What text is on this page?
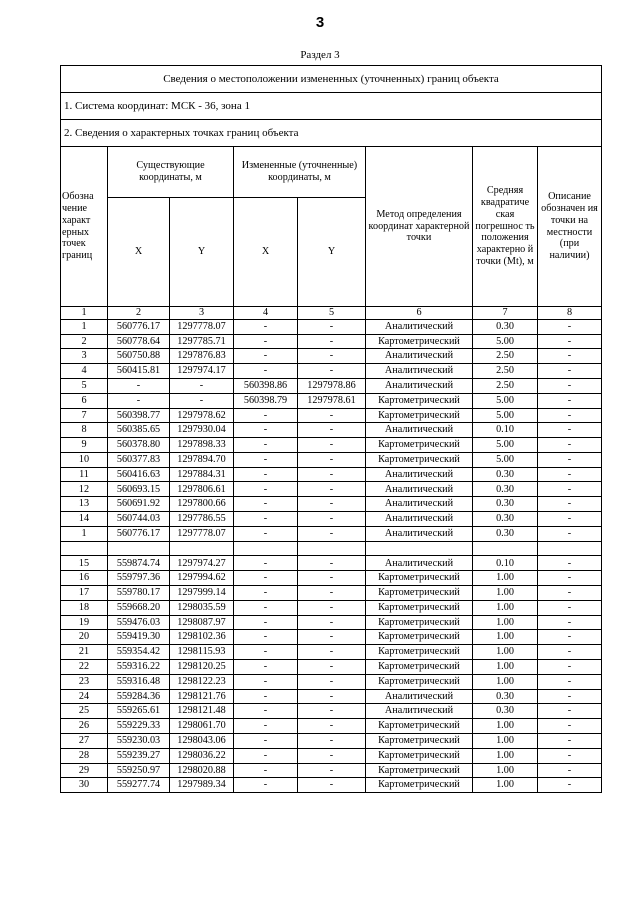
3
Раздел 3
Сведения о местоположении измененных (уточненных) границ объекта							
1. Система координат: МСК - 36, зона 1							
2. Сведения о характерных точках границ объекта							
Обозна чение характ ерных точек границ	Существующие координаты, м		Измененные (уточненные) координаты, м		Метод определения координат характерной точки	Средняя квадратиче ская погрешнос ть положения характерно й точки (Mt), м	Описание обозначен ия точки на местности (при наличии)
	X	Y	X	Y			
1	2	3	4	5	6	7	8
1	560776.17	1297778.07	-	-	Аналитический	0.30	-
2	560778.64	1297785.71	-	-	Картометрический	5.00	-
3	560750.88	1297876.83	-	-	Аналитический	2.50	-
4	560415.81	1297974.17	-	-	Аналитический	2.50	-
5	-	-	560398.86	1297978.86	Аналитический	2.50	-
6	-	-	560398.79	1297978.61	Картометрический	5.00	-
7	560398.77	1297978.62	-	-	Картометрический	5.00	-
8	560385.65	1297930.04	-	-	Аналитический	0.10	-
9	560378.80	1297898.33	-	-	Картометрический	5.00	-
10	560377.83	1297894.70	-	-	Картометрический	5.00	-
11	560416.63	1297884.31	-	-	Аналитический	0.30	-
12	560693.15	1297806.61	-	-	Аналитический	0.30	-
13	560691.92	1297800.66	-	-	Аналитический	0.30	-
14	560744.03	1297786.55	-	-	Аналитический	0.30	-
1	560776.17	1297778.07	-	-	Аналитический	0.30	-

15	559874.74	1297974.27	-	-	Аналитический	0.10	-
16	559797.36	1297994.62	-	-	Картометрический	1.00	-
17	559780.17	1297999.14	-	-	Картометрический	1.00	-
18	559668.20	1298035.59	-	-	Картометрический	1.00	-
19	559476.03	1298087.97	-	-	Картометрический	1.00	-
20	559419.30	1298102.36	-	-	Картометрический	1.00	-
21	559354.42	1298115.93	-	-	Картометрический	1.00	-
22	559316.22	1298120.25	-	-	Картометрический	1.00	-
23	559316.48	1298122.23	-	-	Картометрический	1.00	-
24	559284.36	1298121.76	-	-	Аналитический	0.30	-
25	559265.61	1298121.48	-	-	Аналитический	0.30	-
26	559229.33	1298061.70	-	-	Картометрический	1.00	-
27	559230.03	1298043.06	-	-	Картометрический	1.00	-
28	559239.27	1298036.22	-	-	Картометрический	1.00	-
29	559250.97	1298020.88	-	-	Картометрический	1.00	-
30	559277.74	1297989.34	-	-	Картометрический	1.00	-
